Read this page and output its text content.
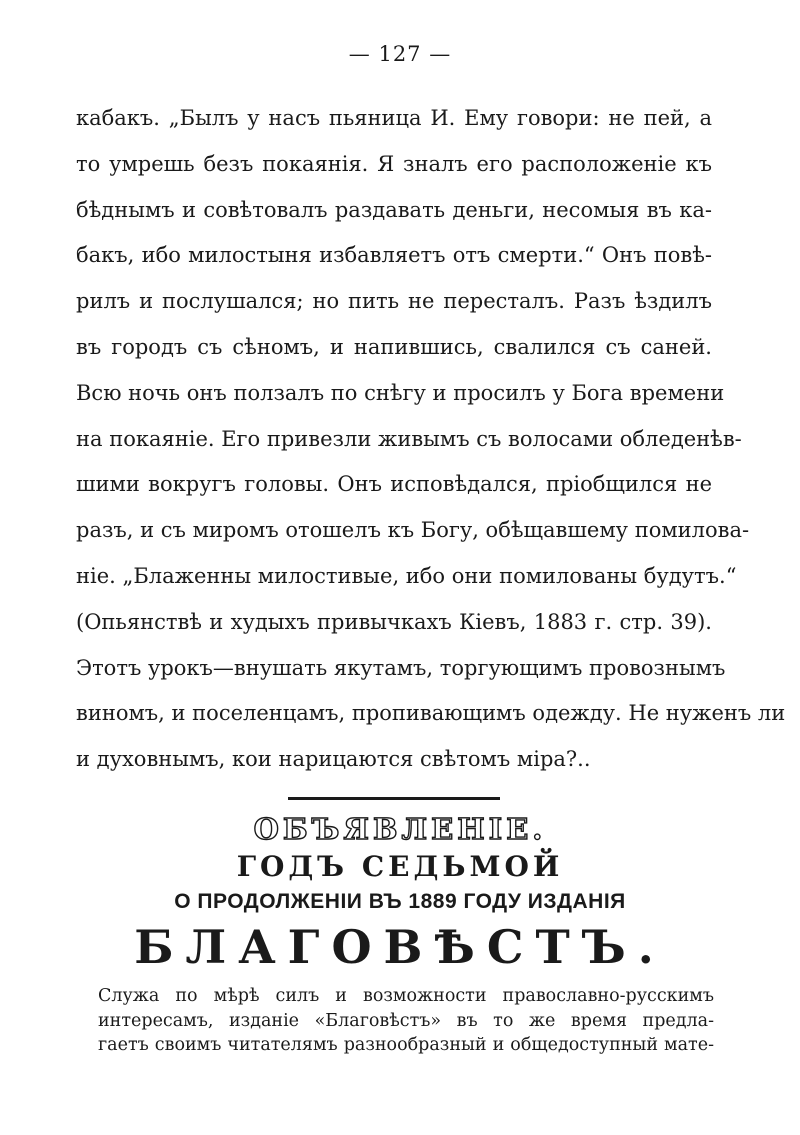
— 127 —
кабакъ. „Былъ у насъ пьяница И. Ему говори: не пей, а
то умрешь безъ покаянія. Я зналъ его расположеніе къ
бѣднымъ и совѣтовалъ раздавать деньги, несомыя въ ка-
бакъ, ибо милостыня избавляетъ отъ смерти.“ Онъ повѣ-
рилъ и послушался; но пить не пересталъ. Разъ ѣздилъ
въ городъ съ сѣномъ, и напившись, свалился съ саней.
Всю ночь онъ ползалъ по снѣгу и просилъ у Бога времени
на покаяніе. Его привезли живымъ съ волосами обледенѣв-
шими вокругъ головы. Онъ исповѣдался, пріобщился не
разъ, и съ миромъ отошелъ къ Богу, обѣщавшему помилова-
ніе. „Блаженны милостивые, ибо они помилованы будутъ.“
(Опьянствѣ и худыхъ привычкахъ Кіевъ, 1883 г. стр. 39).
Этотъ урокъ—внушать якутамъ, торгующимъ провознымъ
виномъ, и поселенцамъ, пропивающимъ одежду. Не нуженъ ли
и духовнымъ, кои нарицаются свѣтомъ міра?..
ОБЪЯВЛЕНІЕ.
ГОДЪ СЕДЬМОЙ
О ПРОДОЛЖЕНІИ ВЪ 1889 ГОДУ ИЗДАНІЯ
БЛАГОВѢСТЪ.
Служа по мѣрѣ силъ и возможности православно-русскимъ
интересамъ, изданіе «Благовѣстъ» въ то же время предла-
гаетъ своимъ читателямъ разнообразный и общедоступный мате-
